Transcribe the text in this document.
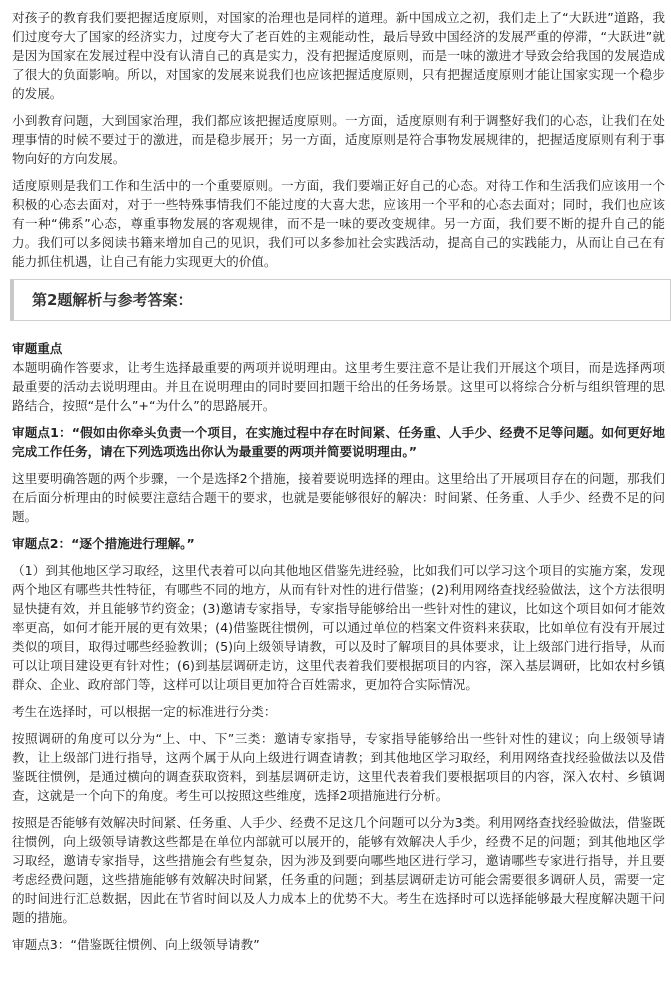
对孩子的教育我们要把握适度原则，对国家的治理也是同样的道理。新中国成立之初，我们走上了“大跃进”道路，我们过度夸大了国家的经济实力，过度夸大了老百姓的主观能动性，最后导致中国经济的发展严重的停滞，“大跃进”就是因为国家在发展过程中没有认清自己的真是实力，没有把握适度原则，而是一味的激进才导致会给我国的发展造成了很大的负面影响。所以，对国家的发展来说我们也应该把握适度原则，只有把握适度原则才能让国家实现一个稳步的发展。

小到教育问题，大到国家治理，我们都应该把握适度原则。一方面，适度原则有利于调整好我们的心态，让我们在处理事情的时候不要过于的激进，而是稳步展开；另一方面，适度原则是符合事物发展规律的，把握适度原则有利于事物向好的方向发展。

适度原则是我们工作和生活中的一个重要原则。一方面，我们要端正好自己的心态。对待工作和生活我们应该用一个积极的心态去面对，对于一些特殊事情我们不能过度的大喜大悲，应该用一个平和的心态去面对；同时，我们也应该有一种“佛系”心态，尊重事物发展的客观规律，而不是一味的要改变规律。另一方面，我们要不断的提升自己的能力。我们可以多阅读书籍来增加自己的见识，我们可以多参加社会实践活动，提高自己的实践能力，从而让自己在有能力抓住机遇，让自己有能力实现更大的价值。

第2题解析与参考答案：
审题重点

本题明确作答要求，让考生选择最重要的两项并说明理由。这里考生要注意不是让我们开展这个项目，而是选择两项最重要的活动去说明理由。并且在说明理由的同时要回扣题干给出的任务场景。这里可以将综合分析与组织管理的思路结合，按照“是什么”+“为什么”的思路展开。

审题点1：“假如由你牵头负责一个项目，在实施过程中存在时间紧、任务重、人手少、经费不足等问题。如何更好地完成工作任务，请在下列选项选出你认为最重要的两项并简要说明理由。”

这里要明确答题的两个步骤，一个是选择2个措施，接着要说明选择的理由。这里给出了开展项目存在的问题，那我们在后面分析理由的时候要注意结合题干的要求，也就是要能够很好的解决：时间紧、任务重、人手少、经费不足的问题。

审题点2：“逐个措施进行理解。”

（1）到其他地区学习取经，这里代表着可以向其他地区借鉴先进经验，比如我们可以学习这个项目的实施方案，发现两个地区有哪些共性特征，有哪些不同的地方，从而有针对性的进行借鉴；(2)利用网络查找经验做法，这个方法很明显快捷有效，并且能够节约资金；(3)邀请专家指导，专家指导能够给出一些针对性的建议，比如这个项目如何才能效率更高，如何才能开展的更有效果；(4)借鉴既往惯例，可以通过单位的档案文件资料来获取，比如单位有没有开展过类似的项目，取得过哪些经验教训；(5)向上级领导请教，可以及时了解项目的具体要求，让上级部门进行指导，从而可以让项目建设更有针对性；(6)到基层调研走访，这里代表着我们要根据项目的内容，深入基层调研，比如农村乡镇群众、企业、政府部门等，这样可以让项目更加符合百姓需求，更加符合实际情况。

考生在选择时，可以根据一定的标准进行分类：

按照调研的角度可以分为“上、中、下”三类：邀请专家指导，专家指导能够给出一些针对性的建议；向上级领导请教，让上级部门进行指导，这两个属于从向上级进行调查请教；到其他地区学习取经，利用网络查找经验做法以及借鉴既往惯例，是通过横向的调查获取资料，到基层调研走访，这里代表着我们要根据项目的内容，深入农村、乡镇调查，这就是一个向下的角度。考生可以按照这些维度，选择2项措施进行分析。

按照是否能够有效解决时间紧、任务重、人手少、经费不足这几个问题可以分为3类。利用网络查找经验做法，借鉴既往惯例，向上级领导请教这些都是在单位内部就可以展开的，能够有效解决人手少，经费不足的问题；到其他地区学习取经，邀请专家指导，这些措施会有些复杂，因为涉及到要向哪些地区进行学习，邀请哪些专家进行指导，并且要考虑经费问题，这些措施能够有效解决时间紧，任务重的问题；到基层调研走访可能会需要很多调研人员，需要一定的时间进行汇总数据，因此在节省时间以及人力成本上的优势不大。考生在选择时可以选择能够最大程度解决题干问题的措施。

审题点3：“借鉴既往惯例、向上级领导请教”
